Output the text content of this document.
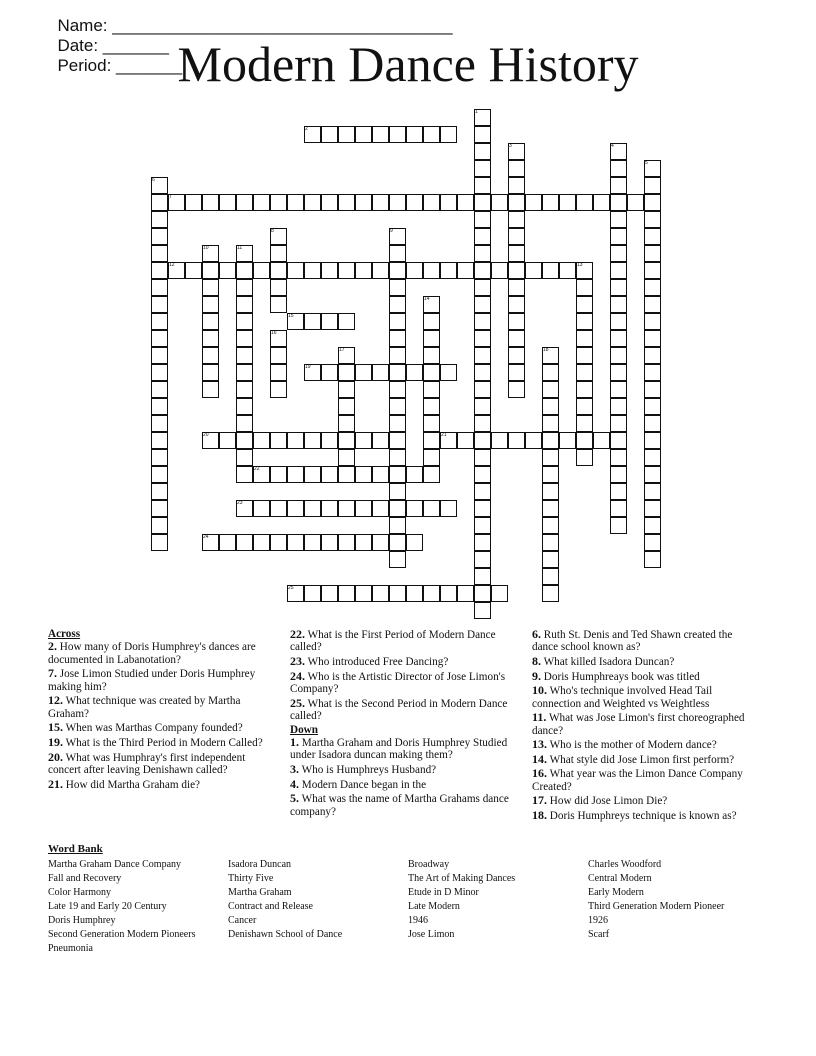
Name: ____________________________________
Date: _______
Period: _______

Modern Dance History
1
2
3	4
5
6
7
8	9
10	11
12	13
14
15
16
17	18
19
20	21
22
23
24
25
Across
2. How many of Doris Humphrey's dances are documented in Labanotation?
7. Jose Limon Studied under Doris Humphrey making him?
12. What technique was created by Martha Graham?
15. When was Marthas Company founded?
19. What is the Third Period in Modern Called?
20. What was Humphray's first independent concert after leaving Denishawn called?
21. How did Martha Graham die?
22. What is the First Period of Modern Dance called?
23. Who introduced Free Dancing?
24. Who is the Artistic Director of Jose Limon's Company?
25. What is the Second Period in Modern Dance called?
Down
1. Martha Graham and Doris Humphrey Studied under Isadora duncan making them?
3. Who is Humphreys Husband?
4. Modern Dance began in the
5. What was the name of Martha Grahams dance company?
6. Ruth St. Denis and Ted Shawn created the dance school known as?
8. What killed Isadora Duncan?
9. Doris Humphreays book was titled
10. Who's technique involved Head Tail connection and Weighted vs Weightless
11. What was Jose Limon's first choreographed dance?
13. Who is the mother of Modern dance?
14. What style did Jose Limon first perform?
16. What year was the Limon Dance Company Created?
17. How did Jose Limon Die?
18. Doris Humphreys technique is known as?
Word Bank
Martha Graham Dance Company
Fall and Recovery
Color Harmony
Late 19 and Early 20 Century
Doris Humphrey
Second Generation Modern Pioneers
Pneumonia
Isadora Duncan
Thirty Five
Martha Graham
Contract and Release
Cancer
Denishawn School of Dance
Broadway
The Art of Making Dances
Etude in D Minor
Late Modern
1946
Jose Limon
Charles Woodford
Central Modern
Early Modern
Third Generation Modern Pioneer
1926
Scarf
